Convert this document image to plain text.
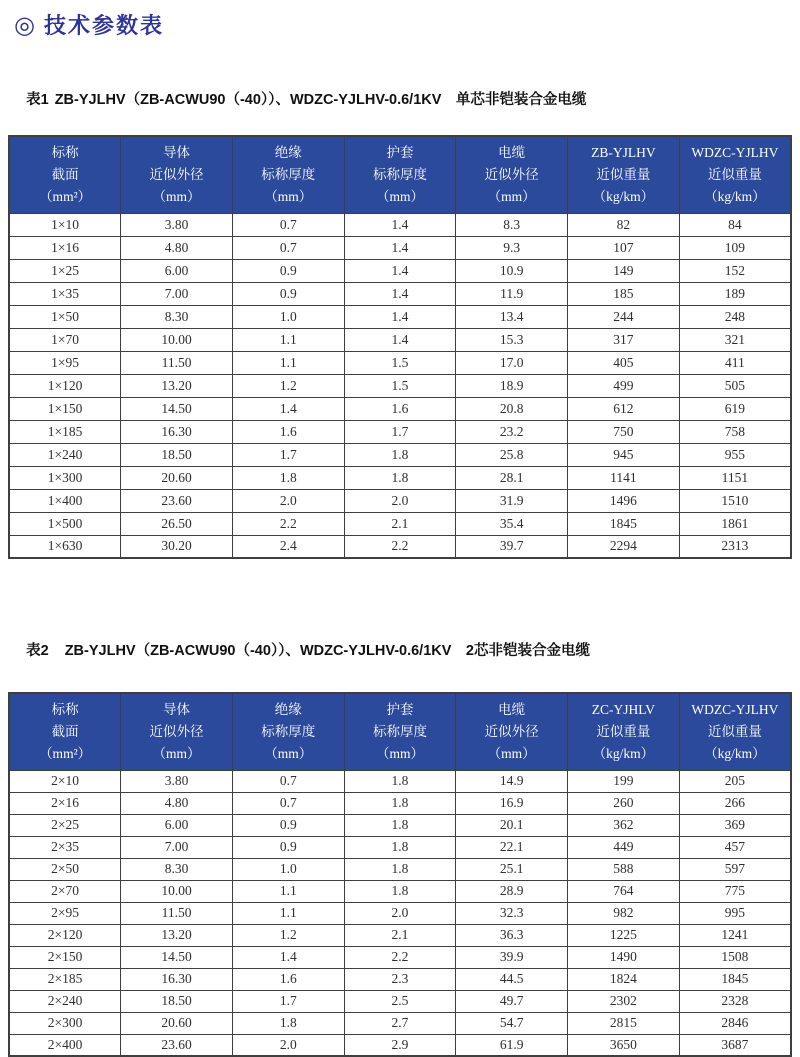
◎ 技术参数表

表1 ZB-YJLHV（ZB-ACWU90（-40））、WDZC-YJLHV-0.6/1KV　单芯非铠装合金电缆

标称
截面
（mm²）	导体
近似外径
（mm）	绝缘
标称厚度
（mm）	护套
标称厚度
（mm）	电缆
近似外径
（mm）	ZB-YJLHV
近似重量
（kg/km）	WDZC-YJLHV
近似重量
（kg/km）
1×10	3.80	0.7	1.4	8.3	82	84
1×16	4.80	0.7	1.4	9.3	107	109
1×25	6.00	0.9	1.4	10.9	149	152
1×35	7.00	0.9	1.4	11.9	185	189
1×50	8.30	1.0	1.4	13.4	244	248
1×70	10.00	1.1	1.4	15.3	317	321
1×95	11.50	1.1	1.5	17.0	405	411
1×120	13.20	1.2	1.5	18.9	499	505
1×150	14.50	1.4	1.6	20.8	612	619
1×185	16.30	1.6	1.7	23.2	750	758
1×240	18.50	1.7	1.8	25.8	945	955
1×300	20.60	1.8	1.8	28.1	1141	1151
1×400	23.60	2.0	2.0	31.9	1496	1510
1×500	26.50	2.2	2.1	35.4	1845	1861
1×630	30.20	2.4	2.2	39.7	2294	2313

表2 ZB-YJLHV（ZB-ACWU90（-40））、WDZC-YJLHV-0.6/1KV　2芯非铠装合金电缆

标称
截面
（mm²）	导体
近似外径
（mm）	绝缘
标称厚度
（mm）	护套
标称厚度
（mm）	电缆
近似外径
（mm）	ZC-YJHLV
近似重量
（kg/km）	WDZC-YJLHV
近似重量
（kg/km）
2×10	3.80	0.7	1.8	14.9	199	205
2×16	4.80	0.7	1.8	16.9	260	266
2×25	6.00	0.9	1.8	20.1	362	369
2×35	7.00	0.9	1.8	22.1	449	457
2×50	8.30	1.0	1.8	25.1	588	597
2×70	10.00	1.1	1.8	28.9	764	775
2×95	11.50	1.1	2.0	32.3	982	995
2×120	13.20	1.2	2.1	36.3	1225	1241
2×150	14.50	1.4	2.2	39.9	1490	1508
2×185	16.30	1.6	2.3	44.5	1824	1845
2×240	18.50	1.7	2.5	49.7	2302	2328
2×300	20.60	1.8	2.7	54.7	2815	2846
2×400	23.60	2.0	2.9	61.9	3650	3687
